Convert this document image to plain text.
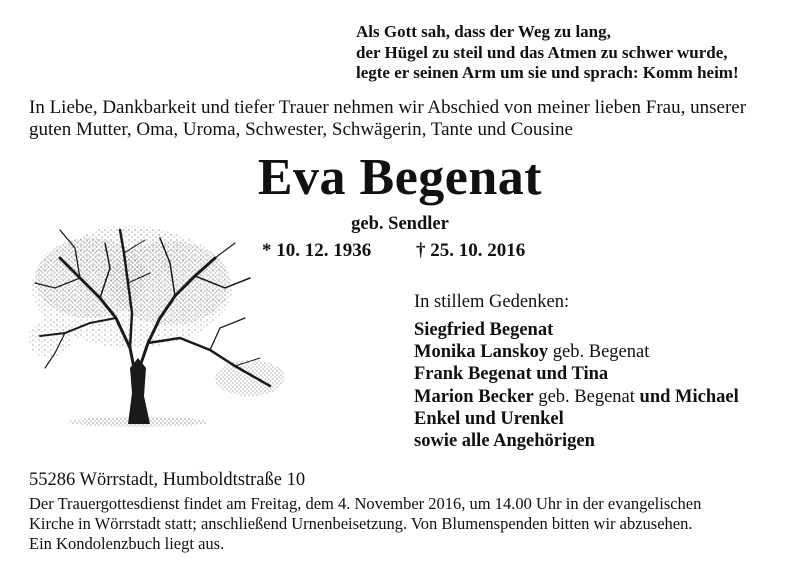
Als Gott sah, dass der Weg zu lang,
der Hügel zu steil und das Atmen zu schwer wurde,
legte er seinen Arm um sie und sprach: Komm heim!
In Liebe, Dankbarkeit und tiefer Trauer nehmen wir Abschied von meiner lieben Frau, unserer
guten Mutter, Oma, Uroma, Schwester, Schwägerin, Tante und Cousine
Eva Begenat
geb. Sendler
* 10. 12. 1936 † 25. 10. 2016
In stillem Gedenken:
Siegfried Begenat
Monika Lanskoy geb. Begenat
Frank Begenat und Tina
Marion Becker geb. Begenat und Michael
Enkel und Urenkel
sowie alle Angehörigen
55286 Wörrstadt, Humboldtstraße 10
Der Trauergottesdienst findet am Freitag, dem 4. November 2016, um 14.00 Uhr in der evangelischen
Kirche in Wörrstadt statt; anschließend Urnenbeisetzung. Von Blumenspenden bitten wir abzusehen.
Ein Kondolenzbuch liegt aus.
